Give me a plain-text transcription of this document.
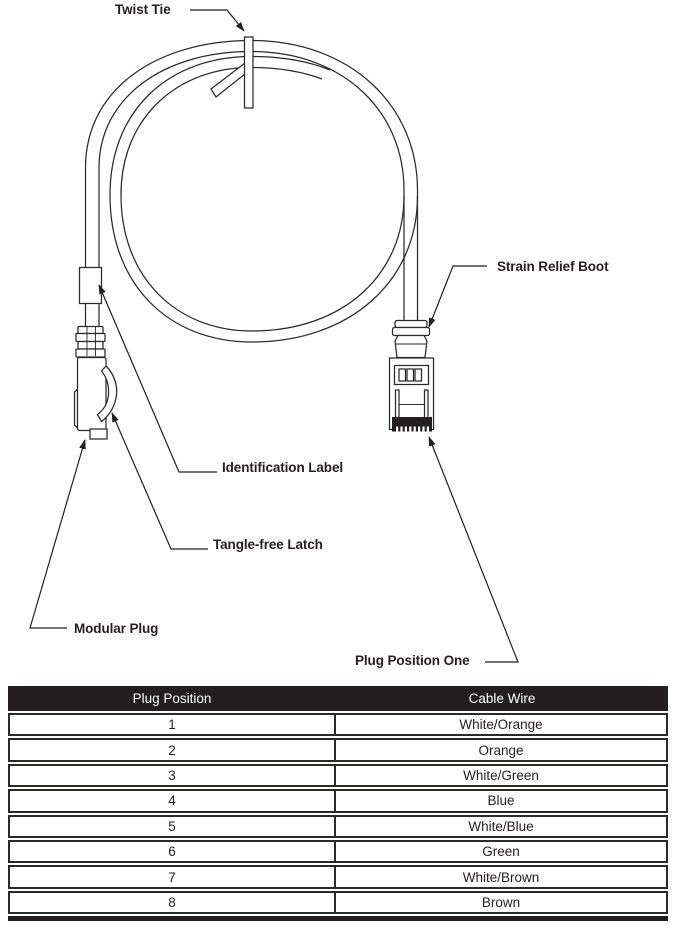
Twist Tie
Strain Relief Boot
Identification Label
Tangle-free Latch
Modular Plug
Plug Position One
Plug Position	Cable Wire
1	White/Orange
2	Orange
3	White/Green
4	Blue
5	White/Blue
6	Green
7	White/Brown
8	Brown
